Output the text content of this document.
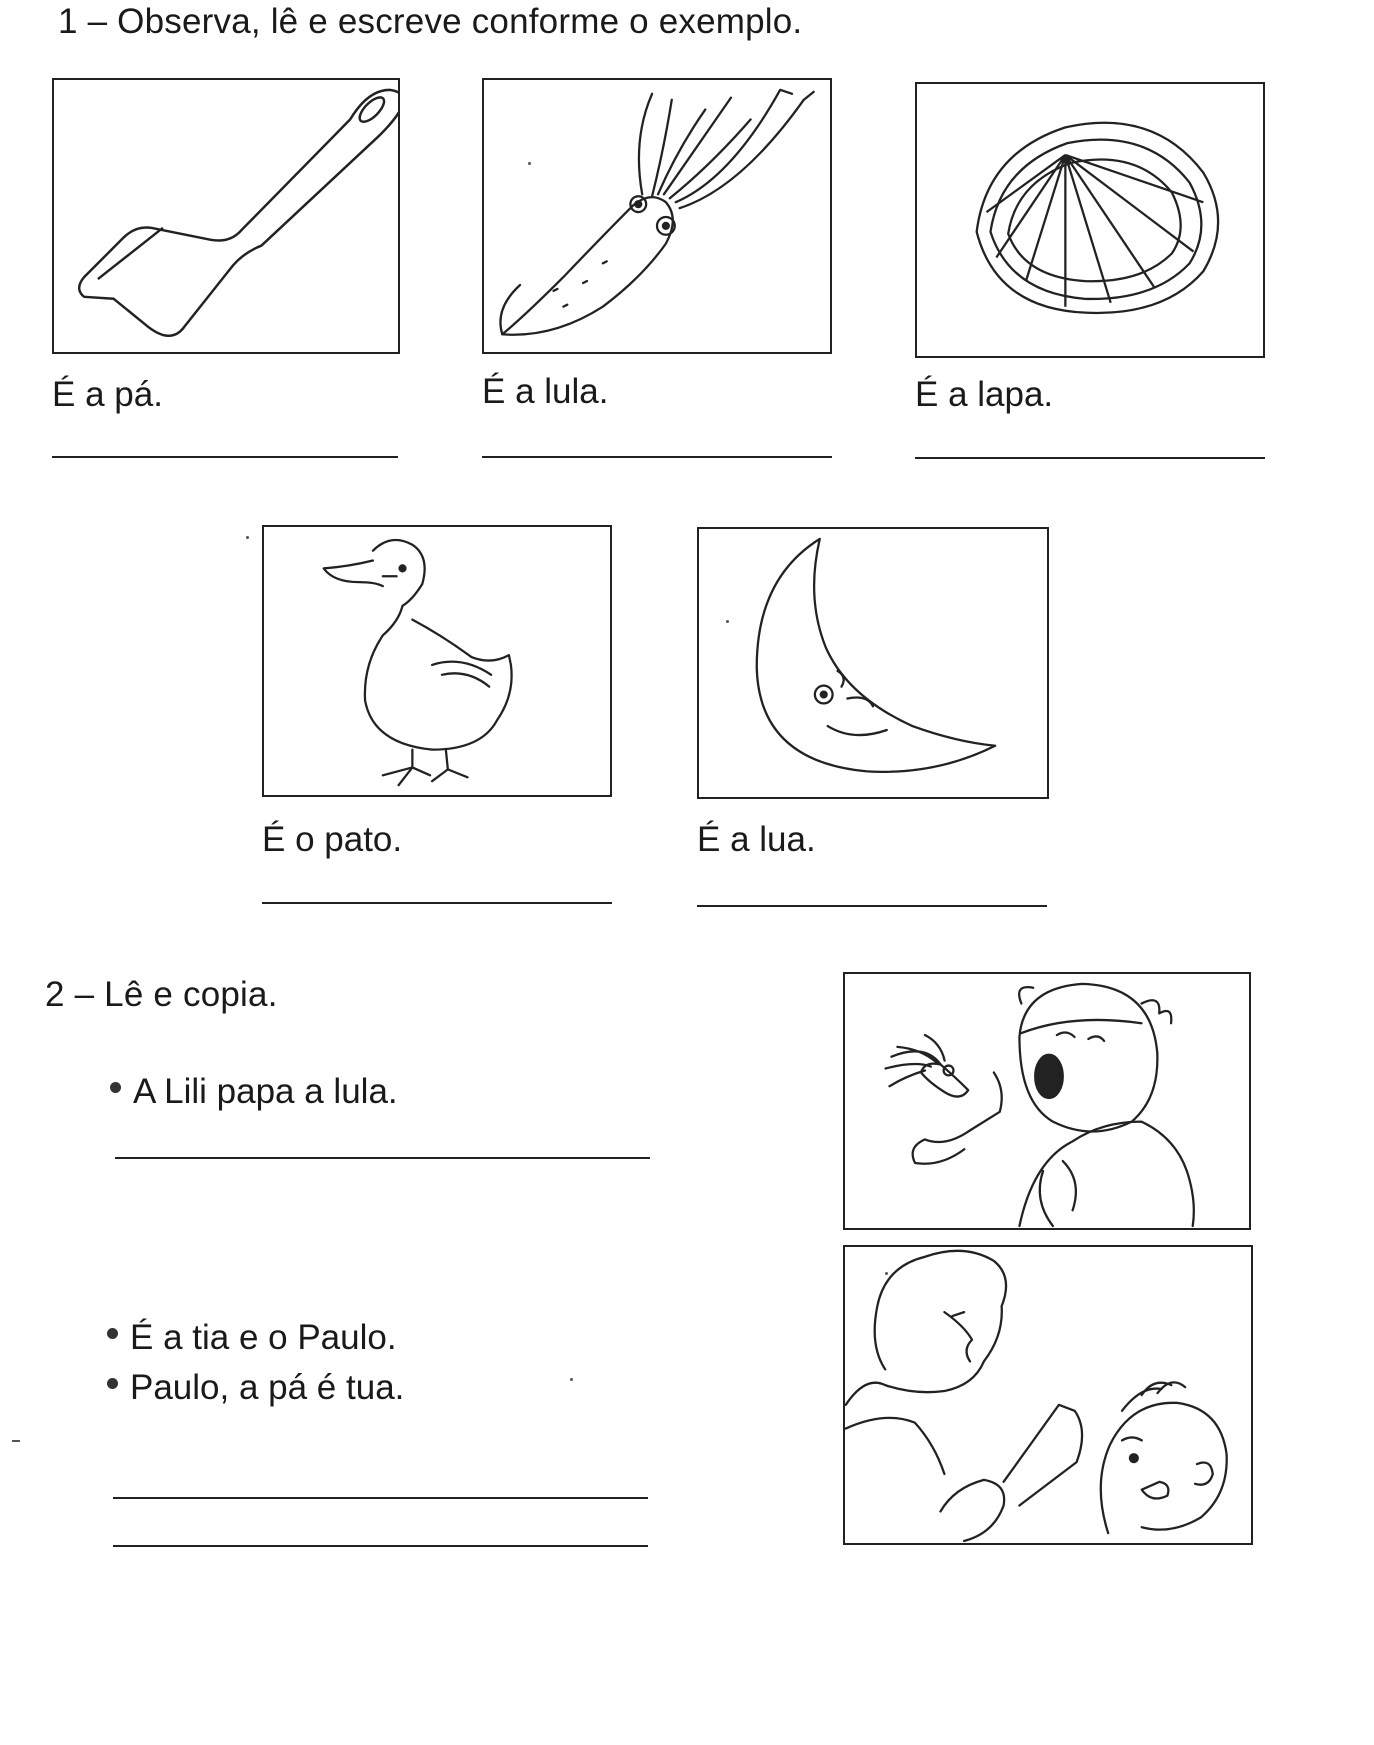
1 – Observa, lê e escreve conforme o exemplo.
É a pá.	É a lula.	É a lapa.
É o pato.	É a lua.
2 – Lê e copia.
A Lili papa a lula.
É a tia e o Paulo.
Paulo, a pá é tua.
